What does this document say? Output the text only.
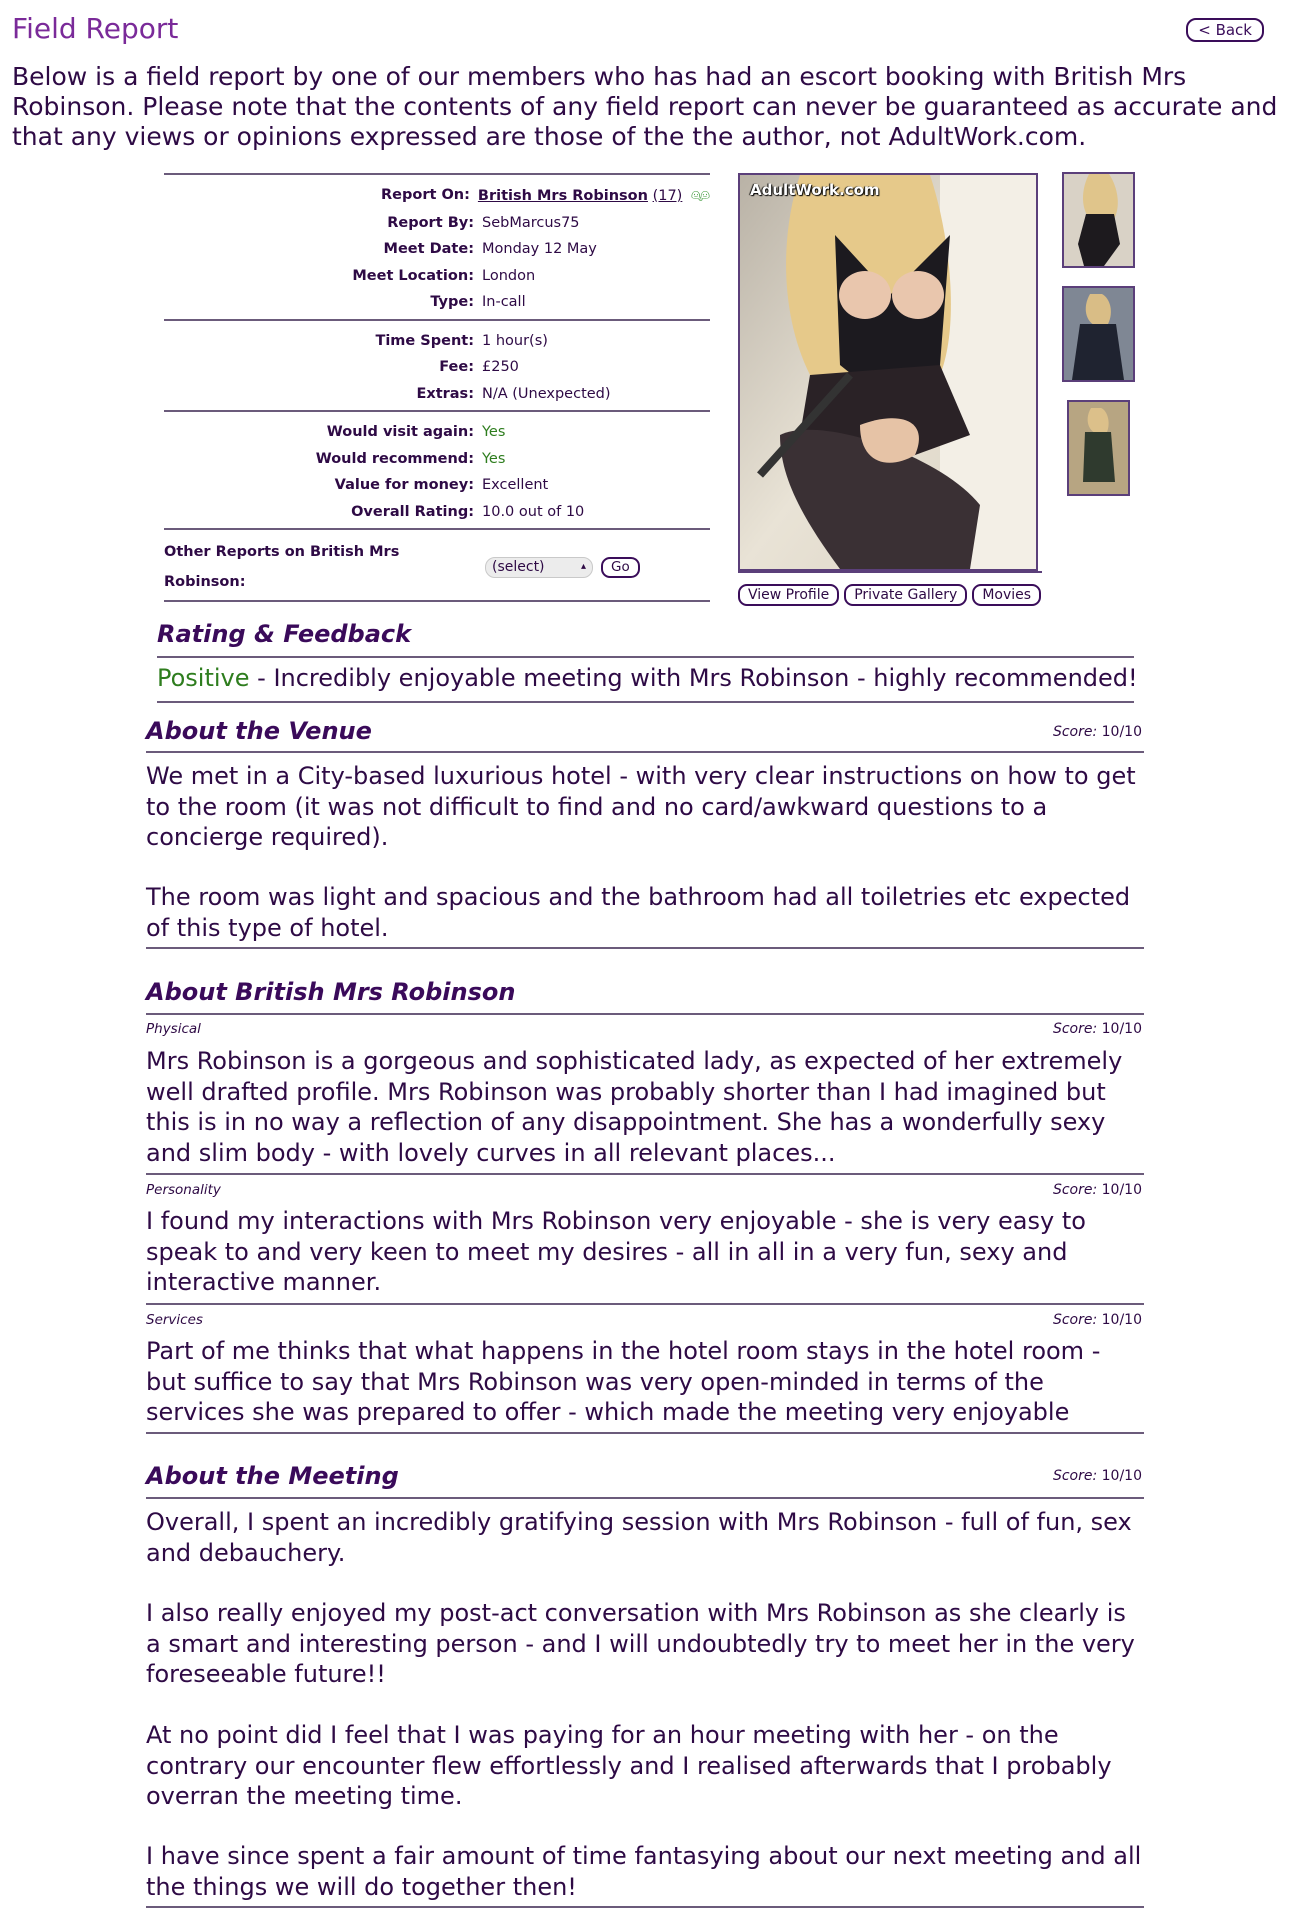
Field Report	< Back
Below is a field report by one of our members who has had an escort booking with British Mrs Robinson. Please note that the contents of any field report can never be guaranteed as accurate and that any views or opinions expressed are those of the the author, not AdultWork.com.
Report On: British Mrs Robinson (17) 👬︎
Report By: SebMarcus75
Meet Date: Monday 12 May
Meet Location: London
Type: In-call
Time Spent: 1 hour(s)
Fee: £250
Extras: N/A (Unexpected)
Would visit again: Yes
Would recommend: Yes
Value for money: Excellent
Overall Rating: 10.0 out of 10
Other Reports on British Mrs Robinson:
(select)	▴	Go
AdultWork.com
View Profile	Private Gallery	Movies
Rating & Feedback
Positive - Incredibly enjoyable meeting with Mrs Robinson - highly recommended!
About the Venue	Score: 10/10
We met in a City-based luxurious hotel - with very clear instructions on how to get to the room (it was not difficult to find and no card/awkward questions to a concierge required).
The room was light and spacious and the bathroom had all toiletries etc expected of this type of hotel.
About British Mrs Robinson
Physical	Score: 10/10
Mrs Robinson is a gorgeous and sophisticated lady, as expected of her extremely well drafted profile. Mrs Robinson was probably shorter than I had imagined but this is in no way a reflection of any disappointment. She has a wonderfully sexy and slim body - with lovely curves in all relevant places...
Personality	Score: 10/10
I found my interactions with Mrs Robinson very enjoyable - she is very easy to speak to and very keen to meet my desires - all in all in a very fun, sexy and interactive manner.
Services	Score: 10/10
Part of me thinks that what happens in the hotel room stays in the hotel room - but suffice to say that Mrs Robinson was very open-minded in terms of the services she was prepared to offer - which made the meeting very enjoyable
About the Meeting	Score: 10/10
Overall, I spent an incredibly gratifying session with Mrs Robinson - full of fun, sex and debauchery.
I also really enjoyed my post-act conversation with Mrs Robinson as she clearly is a smart and interesting person - and I will undoubtedly try to meet her in the very foreseeable future!!
At no point did I feel that I was paying for an hour meeting with her - on the contrary our encounter flew effortlessly and I realised afterwards that I probably overran the meeting time.
I have since spent a fair amount of time fantasying about our next meeting and all the things we will do together then!
